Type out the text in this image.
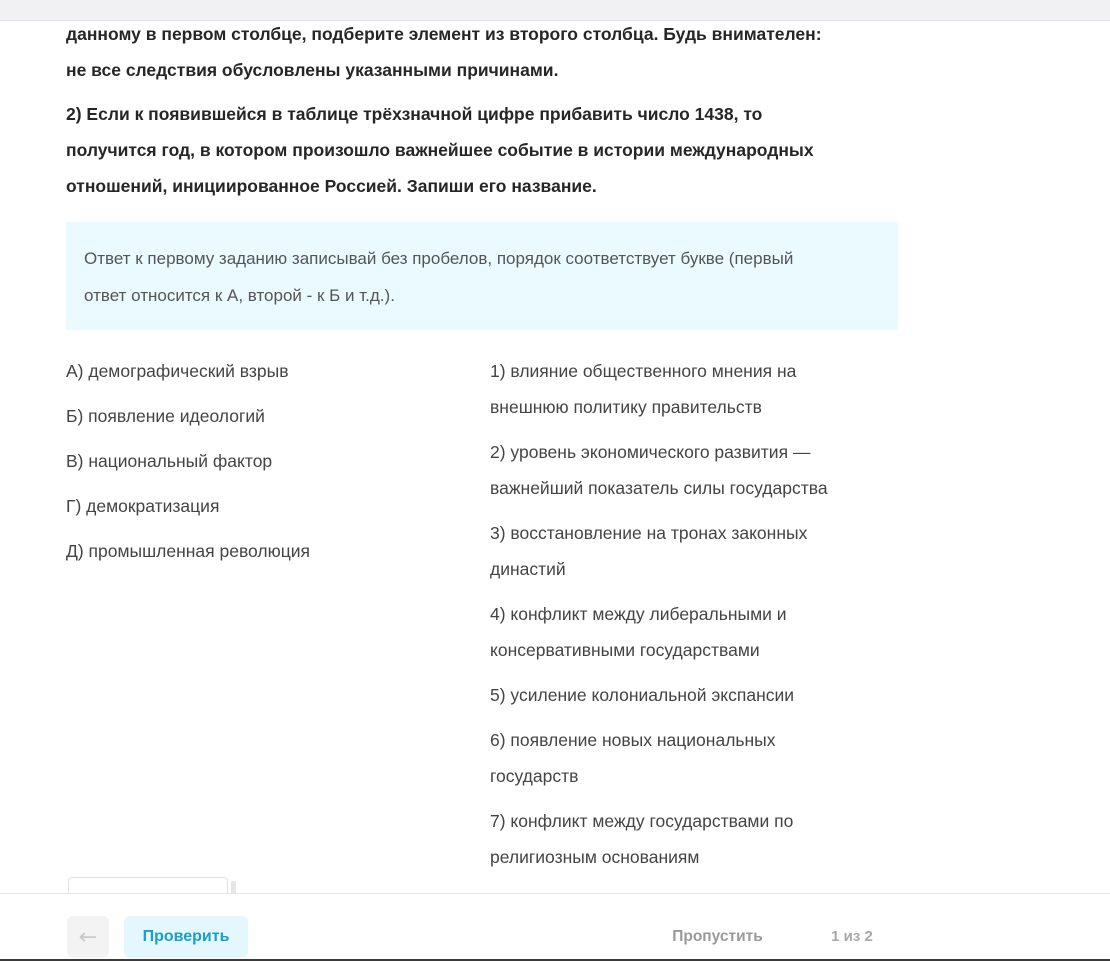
данному в первом столбце, подберите элемент из второго столбца. Будь внимателен:
не все следствия обусловлены указанными причинами.

2) Если к появившейся в таблице трёхзначной цифре прибавить число 1438, то
получится год, в котором произошло важнейшее событие в истории международных
отношений, инициированное Россией. Запиши его название.

Ответ к первому заданию записывай без пробелов, порядок соответствует букве (первый
ответ относится к А, второй - к Б и т.д.).
А) демографический взрыв
Б) появление идеологий
В) национальный фактор
Г) демократизация
Д) промышленная революция
1) влияние общественного мнения на
внешнюю политику правительств
2) уровень экономического развития —
важнейший показатель силы государства
3) восстановление на тронах законных
династий
4) конфликт между либеральными и
консервативными государствами
5) усиление колониальной экспансии
6) появление новых национальных
государств
7) конфликт между государствами по
религиозным основаниям
←	Проверить	Пропустить	1 из 2
